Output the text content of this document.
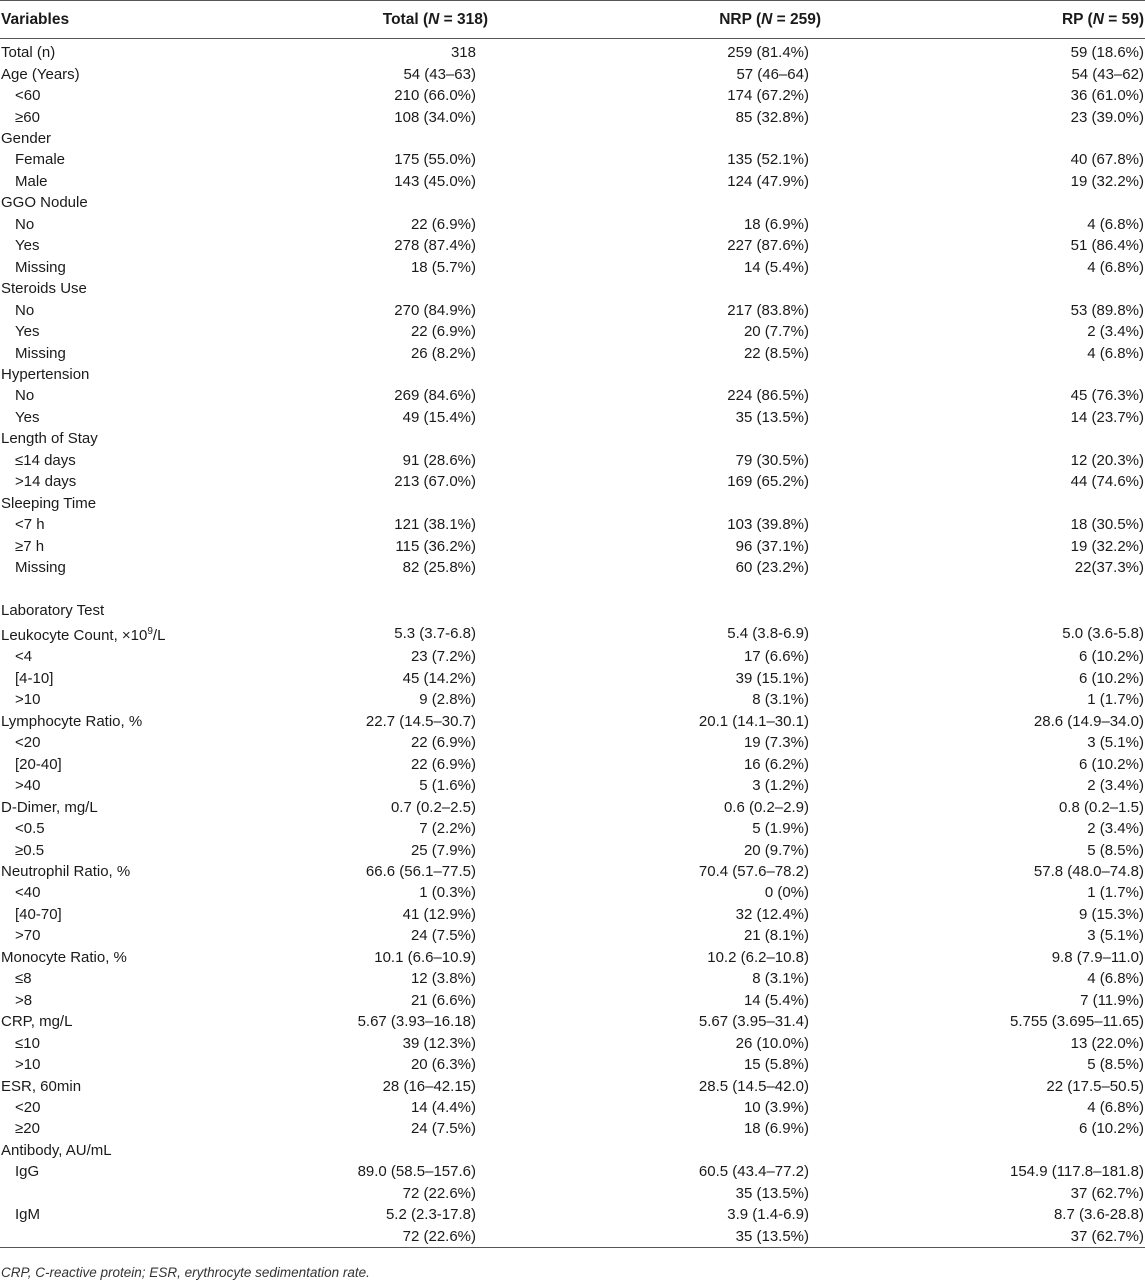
Variables	Total (N = 318)	NRP (N = 259)	RP (N = 59)
Total (n)	318	259 (81.4%)	59 (18.6%)
Age (Years)	54 (43–63)	57 (46–64)	54 (43–62)
<60	210 (66.0%)	174 (67.2%)	36 (61.0%)
≥60	108 (34.0%)	85 (32.8%)	23 (39.0%)
Gender			
Female	175 (55.0%)	135 (52.1%)	40 (67.8%)
Male	143 (45.0%)	124 (47.9%)	19 (32.2%)
GGO Nodule			
No	22 (6.9%)	18 (6.9%)	4 (6.8%)
Yes	278 (87.4%)	227 (87.6%)	51 (86.4%)
Missing	18 (5.7%)	14 (5.4%)	4 (6.8%)
Steroids Use			
No	270 (84.9%)	217 (83.8%)	53 (89.8%)
Yes	22 (6.9%)	20 (7.7%)	2 (3.4%)
Missing	26 (8.2%)	22 (8.5%)	4 (6.8%)
Hypertension			
No	269 (84.6%)	224 (86.5%)	45 (76.3%)
Yes	49 (15.4%)	35 (13.5%)	14 (23.7%)
Length of Stay			
≤14 days	91 (28.6%)	79 (30.5%)	12 (20.3%)
>14 days	213 (67.0%)	169 (65.2%)	44 (74.6%)
Sleeping Time			
<7 h	121 (38.1%)	103 (39.8%)	18 (30.5%)
≥7 h	115 (36.2%)	96 (37.1%)	19 (32.2%)
Missing	82 (25.8%)	60 (23.2%)	22(37.3%)

Laboratory Test			
Leukocyte Count, $\times 10^9/L$	5.3 (3.7-6.8)	5.4 (3.8-6.9)	5.0 (3.6-5.8)
<4	23 (7.2%)	17 (6.6%)	6 (10.2%)
[4-10]	45 (14.2%)	39 (15.1%)	6 (10.2%)
>10	9 (2.8%)	8 (3.1%)	1 (1.7%)
Lymphocyte Ratio, %	22.7 (14.5–30.7)	20.1 (14.1–30.1)	28.6 (14.9–34.0)
<20	22 (6.9%)	19 (7.3%)	3 (5.1%)
[20-40]	22 (6.9%)	16 (6.2%)	6 (10.2%)
>40	5 (1.6%)	3 (1.2%)	2 (3.4%)
D-Dimer, mg/L	0.7 (0.2–2.5)	0.6 (0.2–2.9)	0.8 (0.2–1.5)
<0.5	7 (2.2%)	5 (1.9%)	2 (3.4%)
≥0.5	25 (7.9%)	20 (9.7%)	5 (8.5%)
Neutrophil Ratio, %	66.6 (56.1–77.5)	70.4 (57.6–78.2)	57.8 (48.0–74.8)
<40	1 (0.3%)	0 (0%)	1 (1.7%)
[40-70]	41 (12.9%)	32 (12.4%)	9 (15.3%)
>70	24 (7.5%)	21 (8.1%)	3 (5.1%)
Monocyte Ratio, %	10.1 (6.6–10.9)	10.2 (6.2–10.8)	9.8 (7.9–11.0)
≤8	12 (3.8%)	8 (3.1%)	4 (6.8%)
>8	21 (6.6%)	14 (5.4%)	7 (11.9%)
CRP, mg/L	5.67 (3.93–16.18)	5.67 (3.95–31.4)	5.755 (3.695–11.65)
≤10	39 (12.3%)	26 (10.0%)	13 (22.0%)
>10	20 (6.3%)	15 (5.8%)	5 (8.5%)
ESR, 60min	28 (16–42.15)	28.5 (14.5–42.0)	22 (17.5–50.5)
<20	14 (4.4%)	10 (3.9%)	4 (6.8%)
≥20	24 (7.5%)	18 (6.9%)	6 (10.2%)
Antibody, AU/mL			
IgG	89.0 (58.5–157.6)	60.5 (43.4–77.2)	154.9 (117.8–181.8)
	72 (22.6%)	35 (13.5%)	37 (62.7%)
IgM	5.2 (2.3-17.8)	3.9 (1.4-6.9)	8.7 (3.6-28.8)
	72 (22.6%)	35 (13.5%)	37 (62.7%)
CRP, C-reactive protein; ESR, erythrocyte sedimentation rate.
